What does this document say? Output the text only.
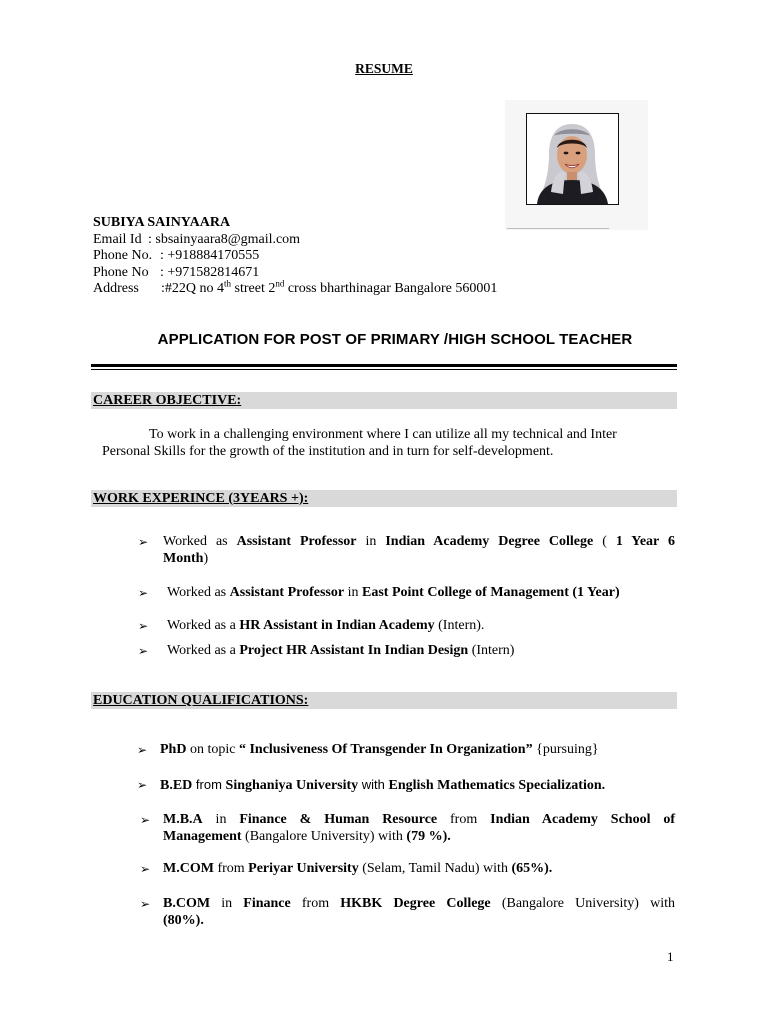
RESUME
SUBIYA SAINYAARA
Email Id : sbsainyaara8@gmail.com
Phone No. : +918884170555
Phone No : +971582814671
Address :#22Q no 4th street 2nd cross bharthinagar Bangalore 560001
APPLICATION FOR POST OF PRIMARY /HIGH SCHOOL TEACHER
CAREER OBJECTIVE:
To work in a challenging environment where I can utilize all my technical and Inter
Personal Skills for the growth of the institution and in turn for self-development.
WORK EXPERINCE (3YEARS +):
➢ Worked as Assistant Professor in Indian Academy Degree College ( 1 Year 6
Month)
➢ Worked as Assistant Professor in East Point College of Management (1 Year)
➢ Worked as a HR Assistant in Indian Academy (Intern).
➢ Worked as a Project HR Assistant In Indian Design (Intern)
EDUCATION QUALIFICATIONS:
➢ PhD on topic “ Inclusiveness Of Transgender In Organization” {pursuing}
➢ B.ED from Singhaniya University with English Mathematics Specialization.
➢ M.B.A in Finance & Human Resource from Indian Academy School of
Management (Bangalore University) with (79 %).
➢ M.COM from Periyar University (Selam, Tamil Nadu) with (65%).
➢ B.COM in Finance from HKBK Degree College (Bangalore University) with
(80%).
1
